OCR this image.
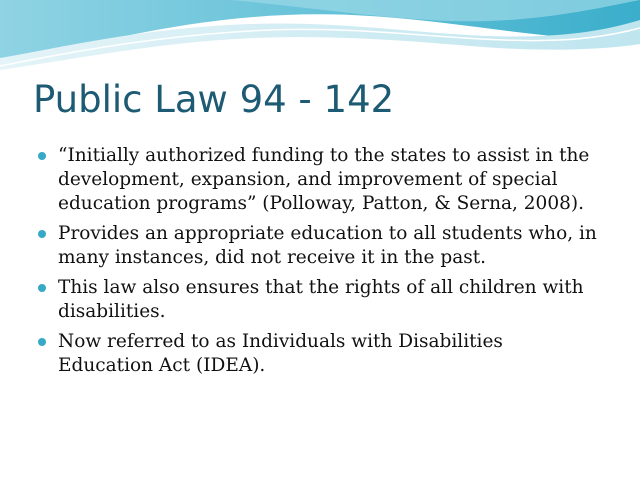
Public Law 94 - 142
“Initially authorized funding to the states to assist in the development, expansion, and improvement of special education programs” (Polloway, Patton, & Serna, 2008).
Provides an appropriate education to all students who, in many instances, did not receive it in the past.
This law also ensures that the rights of all children with disabilities.
Now referred to as Individuals with Disabilities Education Act (IDEA).
